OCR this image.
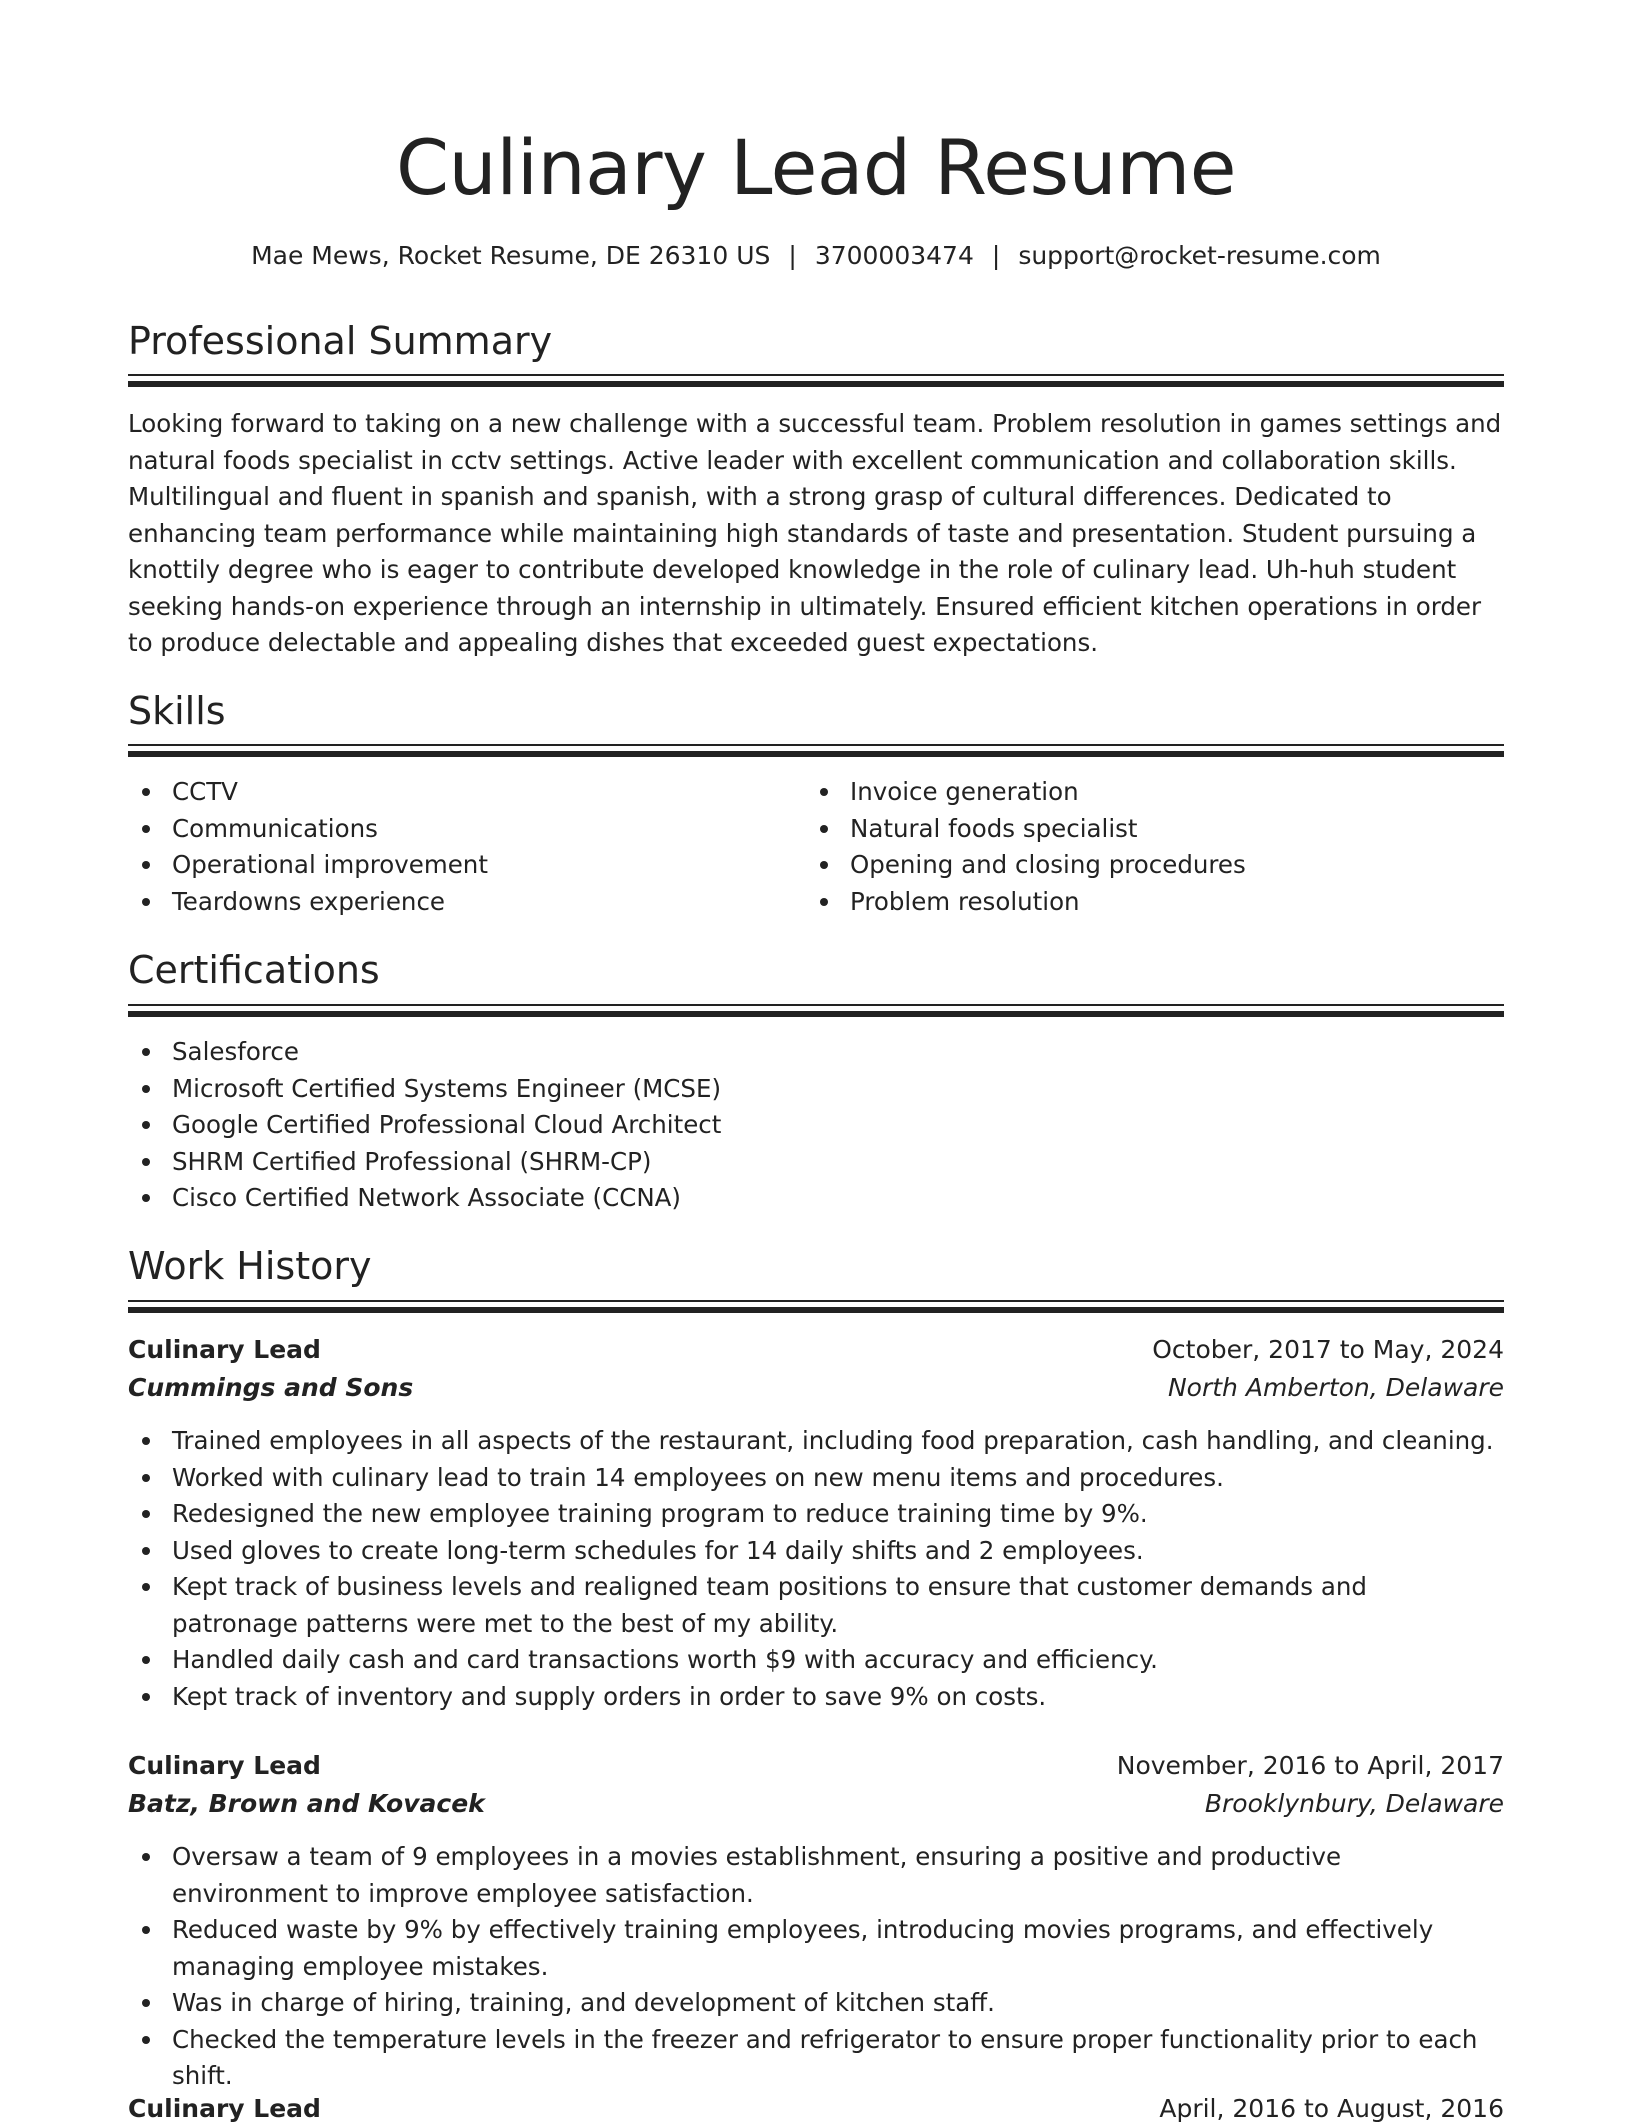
Culinary Lead Resume
Mae Mews, Rocket Resume, DE 26310 US | 3700003474 | support@rocket-resume.com
Professional Summary

Looking forward to taking on a new challenge with a successful team. Problem resolution in games settings and natural foods specialist in cctv settings. Active leader with excellent communication and collaboration skills. Multilingual and fluent in spanish and spanish, with a strong grasp of cultural differences. Dedicated to enhancing team performance while maintaining high standards of taste and presentation. Student pursuing a knottily degree who is eager to contribute developed knowledge in the role of culinary lead. Uh-huh student seeking hands-on experience through an internship in ultimately. Ensured efficient kitchen operations in order to produce delectable and appealing dishes that exceeded guest expectations.

Skills
CCTV
Communications
Operational improvement
Teardowns experience
Invoice generation
Natural foods specialist
Opening and closing procedures
Problem resolution
Certifications
Salesforce
Microsoft Certified Systems Engineer (MCSE)
Google Certified Professional Cloud Architect
SHRM Certified Professional (SHRM-CP)
Cisco Certified Network Associate (CCNA)
Work History
Culinary Lead	October, 2017 to May, 2024
Cummings and Sons	North Amberton, Delaware
Trained employees in all aspects of the restaurant, including food preparation, cash handling, and cleaning.
Worked with culinary lead to train 14 employees on new menu items and procedures.
Redesigned the new employee training program to reduce training time by 9%.
Used gloves to create long-term schedules for 14 daily shifts and 2 employees.
Kept track of business levels and realigned team positions to ensure that customer demands and patronage patterns were met to the best of my ability.
Handled daily cash and card transactions worth $9 with accuracy and efficiency.
Kept track of inventory and supply orders in order to save 9% on costs.
Culinary Lead	November, 2016 to April, 2017
Batz, Brown and Kovacek	Brooklynbury, Delaware
Oversaw a team of 9 employees in a movies establishment, ensuring a positive and productive environment to improve employee satisfaction.
Reduced waste by 9% by effectively training employees, introducing movies programs, and effectively managing employee mistakes.
Was in charge of hiring, training, and development of kitchen staff.
Checked the temperature levels in the freezer and refrigerator to ensure proper functionality prior to each shift.
Culinary Lead	April, 2016 to August, 2016
